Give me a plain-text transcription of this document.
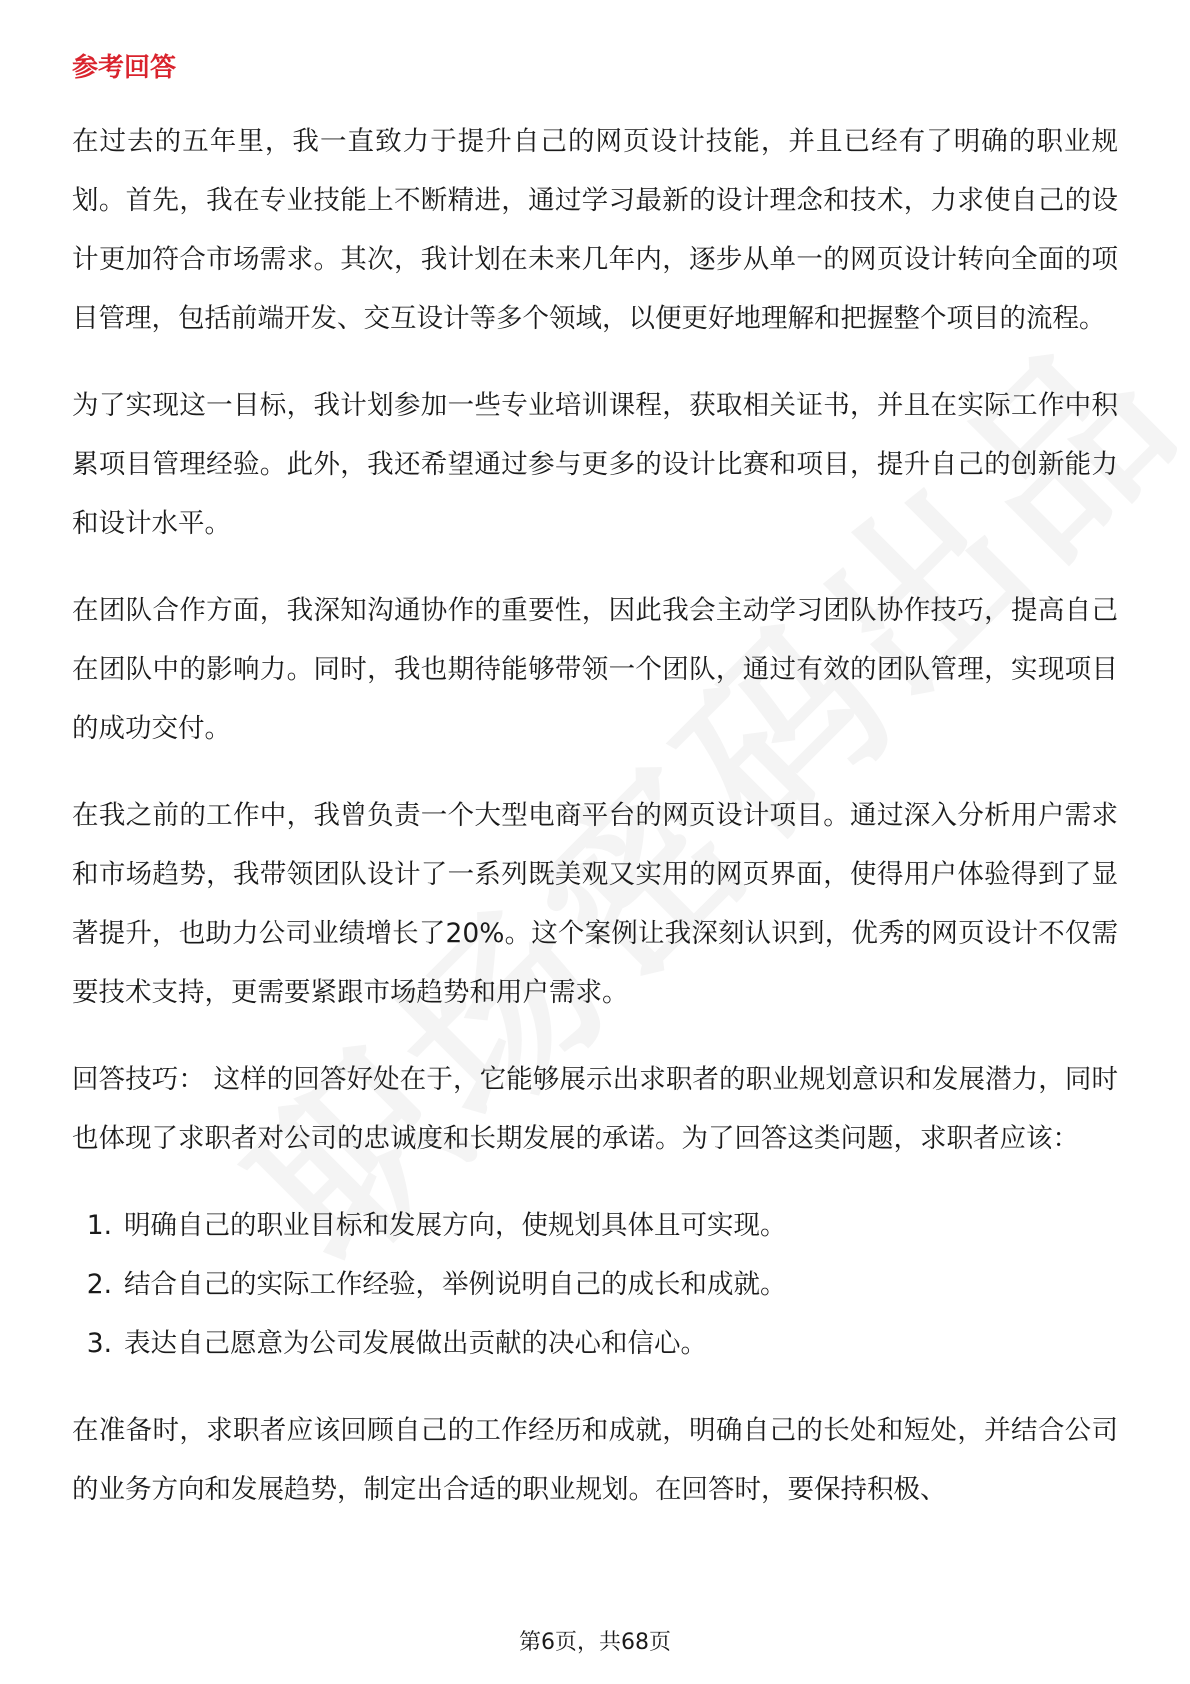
参考回答

在过去的五年里，我一直致力于提升自己的网页设计技能，并且已经有了明确的职业规划。首先，我在专业技能上不断精进，通过学习最新的设计理念和技术，力求使自己的设计更加符合市场需求。其次，我计划在未来几年内，逐步从单一的网页设计转向全面的项目管理，包括前端开发、交互设计等多个领域，以便更好地理解和把握整个项目的流程。

为了实现这一目标，我计划参加一些专业培训课程，获取相关证书，并且在实际工作中积累项目管理经验。此外，我还希望通过参与更多的设计比赛和项目，提升自己的创新能力和设计水平。

在团队合作方面，我深知沟通协作的重要性，因此我会主动学习团队协作技巧，提高自己在团队中的影响力。同时，我也期待能够带领一个团队，通过有效的团队管理，实现项目的成功交付。

在我之前的工作中，我曾负责一个大型电商平台的网页设计项目。通过深入分析用户需求和市场趋势，我带领团队设计了一系列既美观又实用的网页界面，使得用户体验得到了显著提升，也助力公司业绩增长了20%。这个案例让我深刻认识到，优秀的网页设计不仅需要技术支持，更需要紧跟市场趋势和用户需求。

回答技巧： 这样的回答好处在于，它能够展示出求职者的职业规划意识和发展潜力，同时也体现了求职者对公司的忠诚度和长期发展的承诺。为了回答这类问题，求职者应该：

1. 明确自己的职业目标和发展方向，使规划具体且可实现。
2. 结合自己的实际工作经验，举例说明自己的成长和成就。
3. 表达自己愿意为公司发展做出贡献的决心和信心。

在准备时，求职者应该回顾自己的工作经历和成就，明确自己的长处和短处，并结合公司的业务方向和发展趋势，制定出合适的职业规划。在回答时，要保持积极、

第6页，共68页
